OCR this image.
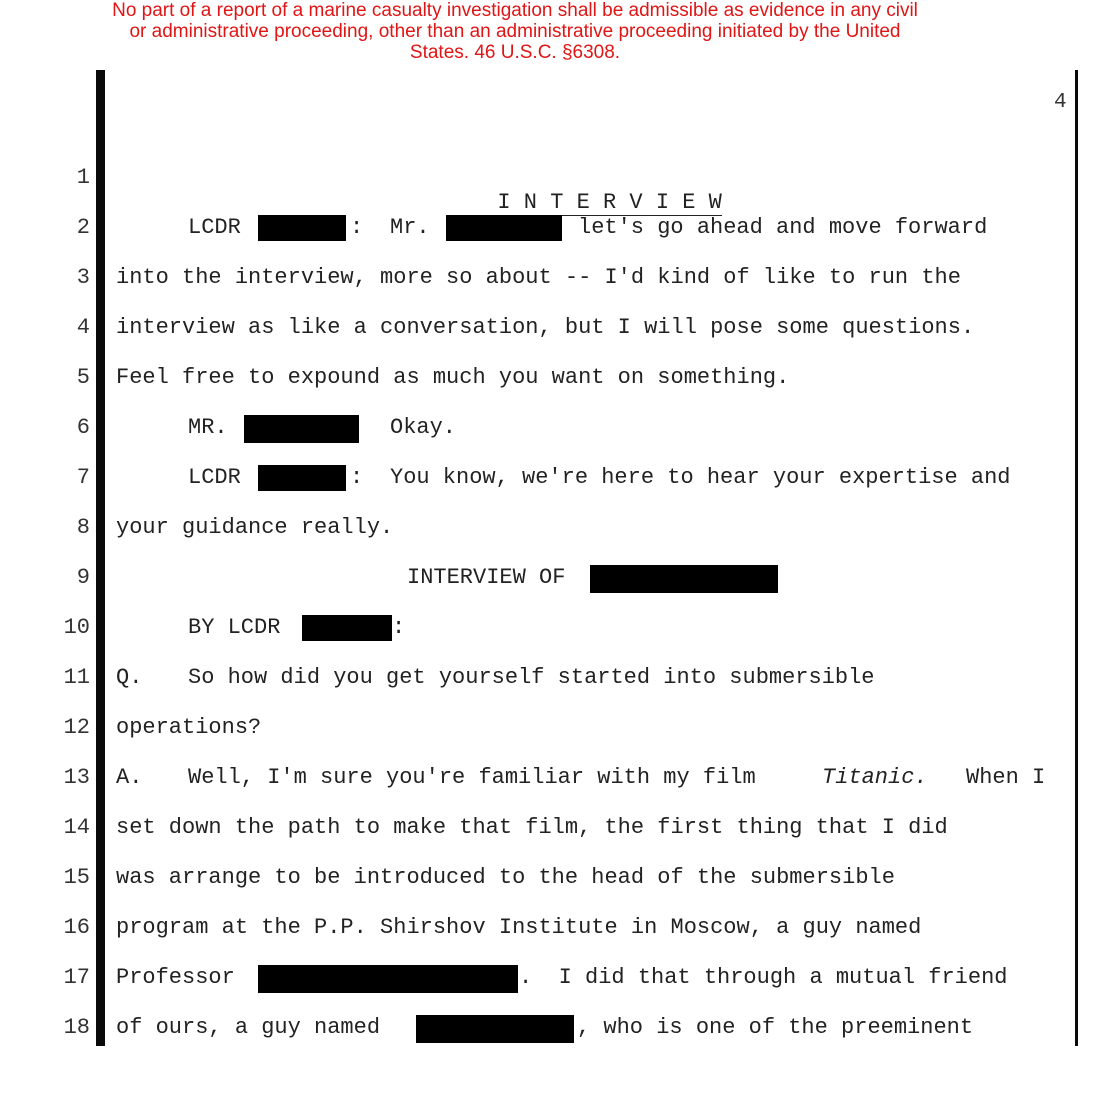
No part of a report of a marine casualty investigation shall be admissible as evidence in any civil
or administrative proceeding, other than an administrative proceeding initiated by the United
States. 46 U.S.C. §6308.
4
1
2
3
4
5
6
7
8
9
10
11
12
13
14
15
16
17
18

I N T E R V I E W

LCDR

	:

Mr.

	let's go ahead and move forward

into the interview, more so about -- I'd kind of like to run the
interview as like a conversation, but I will pose some questions.
Feel free to expound as much you want on something.

MR.

	Okay.

LCDR

	:

You know, we're here to hear your expertise and

your guidance really.

INTERVIEW OF

BY LCDR

	:

Q.

So how did you get yourself started into submersible

operations?

A.

Well, I'm sure you're familiar with my film

Titanic.

When I

set down the path to make that film, the first thing that I did
was arrange to be introduced to the head of the submersible
program at the P.P. Shirshov Institute in Moscow, a guy named

Professor

	.  I did that through a mutual friend

of ours, a guy named

	, who is one of the preeminent
